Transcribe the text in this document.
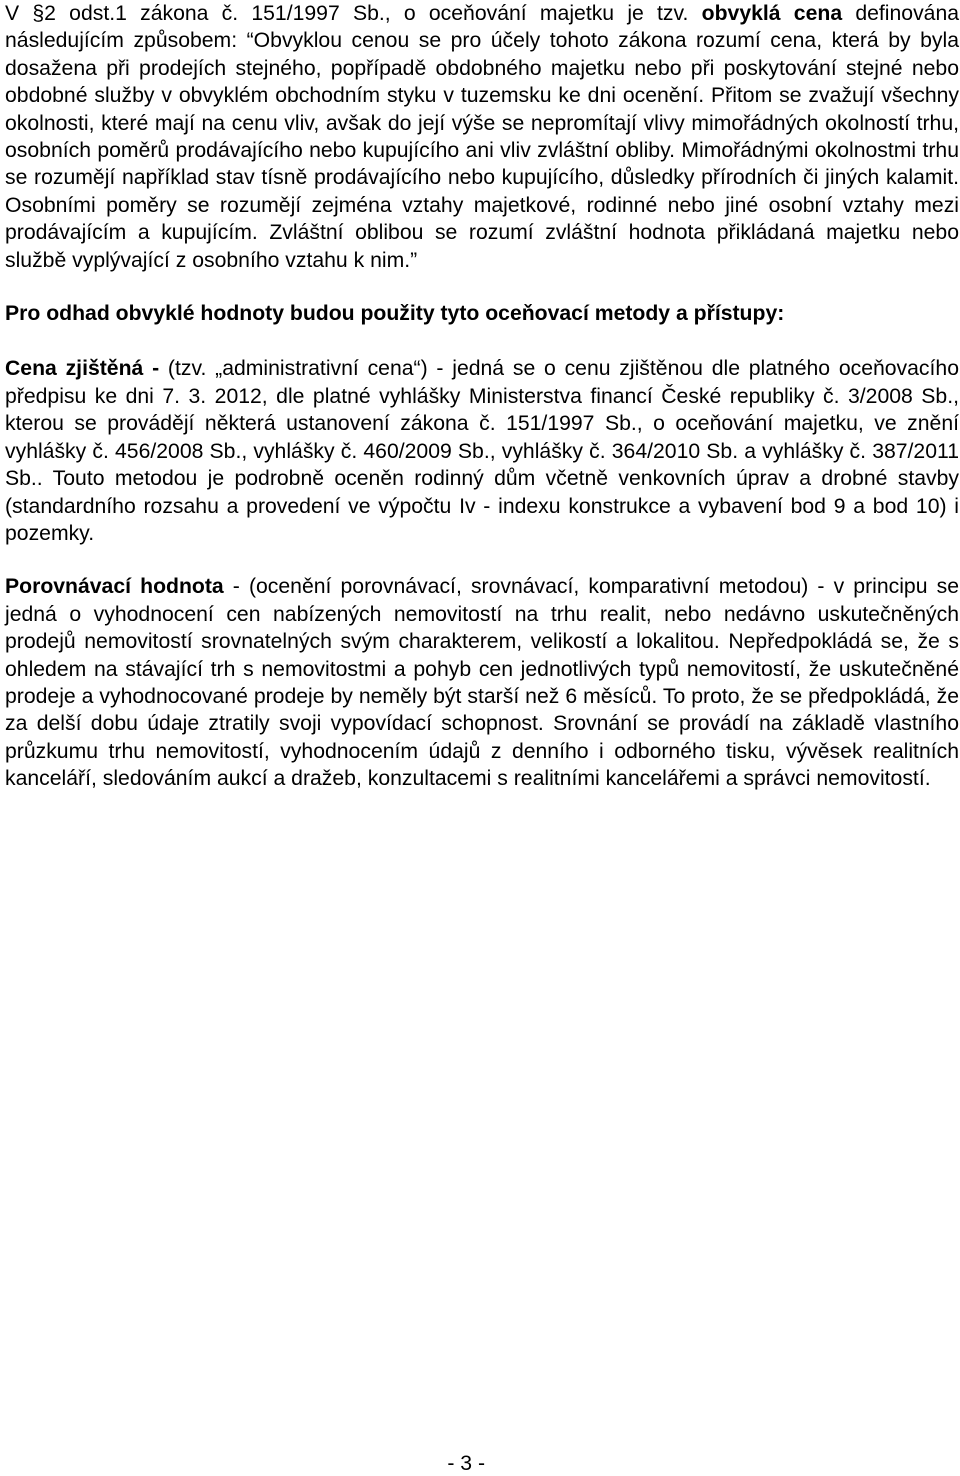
V §2 odst.1 zákona č. 151/1997 Sb., o oceňování majetku je tzv. obvyklá cena definována následujícím způsobem: “Obvyklou cenou se pro účely tohoto zákona rozumí cena, která by byla dosažena při prodejích stejného, popřípadě obdobného majetku nebo při poskytování stejné nebo obdobné služby v obvyklém obchodním styku v tuzemsku ke dni ocenění. Přitom se zvažují všechny okolnosti, které mají na cenu vliv, avšak do její výše se nepromítají vlivy mimořádných okolností trhu, osobních poměrů prodávajícího nebo kupujícího ani vliv zvláštní obliby. Mimořádnými okolnostmi trhu se rozumějí například stav tísně prodávajícího nebo kupujícího, důsledky přírodních či jiných kalamit. Osobními poměry se rozumějí zejména vztahy majetkové, rodinné nebo jiné osobní vztahy mezi prodávajícím a kupujícím. Zvláštní oblibou se rozumí zvláštní hodnota přikládaná majetku nebo službě vyplývající z osobního vztahu k nim.”

Pro odhad obvyklé hodnoty budou použity tyto oceňovací metody a přístupy:

Cena zjištěná - (tzv. „administrativní cena“) - jedná se o cenu zjištěnou dle platného oceňovacího předpisu ke dni 7. 3. 2012, dle platné vyhlášky Ministerstva financí České republiky č. 3/2008 Sb., kterou se provádějí některá ustanovení zákona č. 151/1997 Sb., o oceňování majetku, ve znění vyhlášky č. 456/2008 Sb., vyhlášky č. 460/2009 Sb., vyhlášky č. 364/2010 Sb. a vyhlášky č. 387/2011 Sb.. Touto metodou je podrobně oceněn rodinný dům včetně venkovních úprav a drobné stavby (standardního rozsahu a provedení ve výpočtu Iv - indexu konstrukce a vybavení bod 9 a bod 10) i pozemky.

Porovnávací hodnota - (ocenění porovnávací, srovnávací, komparativní metodou) - v principu se jedná o vyhodnocení cen nabízených nemovitostí na trhu realit, nebo nedávno uskutečněných prodejů nemovitostí srovnatelných svým charakterem, velikostí a lokalitou. Nepředpokládá se, že s ohledem na stávající trh s nemovitostmi a pohyb cen jednotlivých typů nemovitostí, že uskutečněné prodeje a vyhodnocované prodeje by neměly být starší než 6 měsíců. To proto, že se předpokládá, že za delší dobu údaje ztratily svoji vypovídací schopnost. Srovnání se provádí na základě vlastního průzkumu trhu nemovitostí, vyhodnocením údajů z denního i odborného tisku, vývěsek realitních kanceláří, sledováním aukcí a dražeb, konzultacemi s realitními kancelářemi a správci nemovitostí.

- 3 -
